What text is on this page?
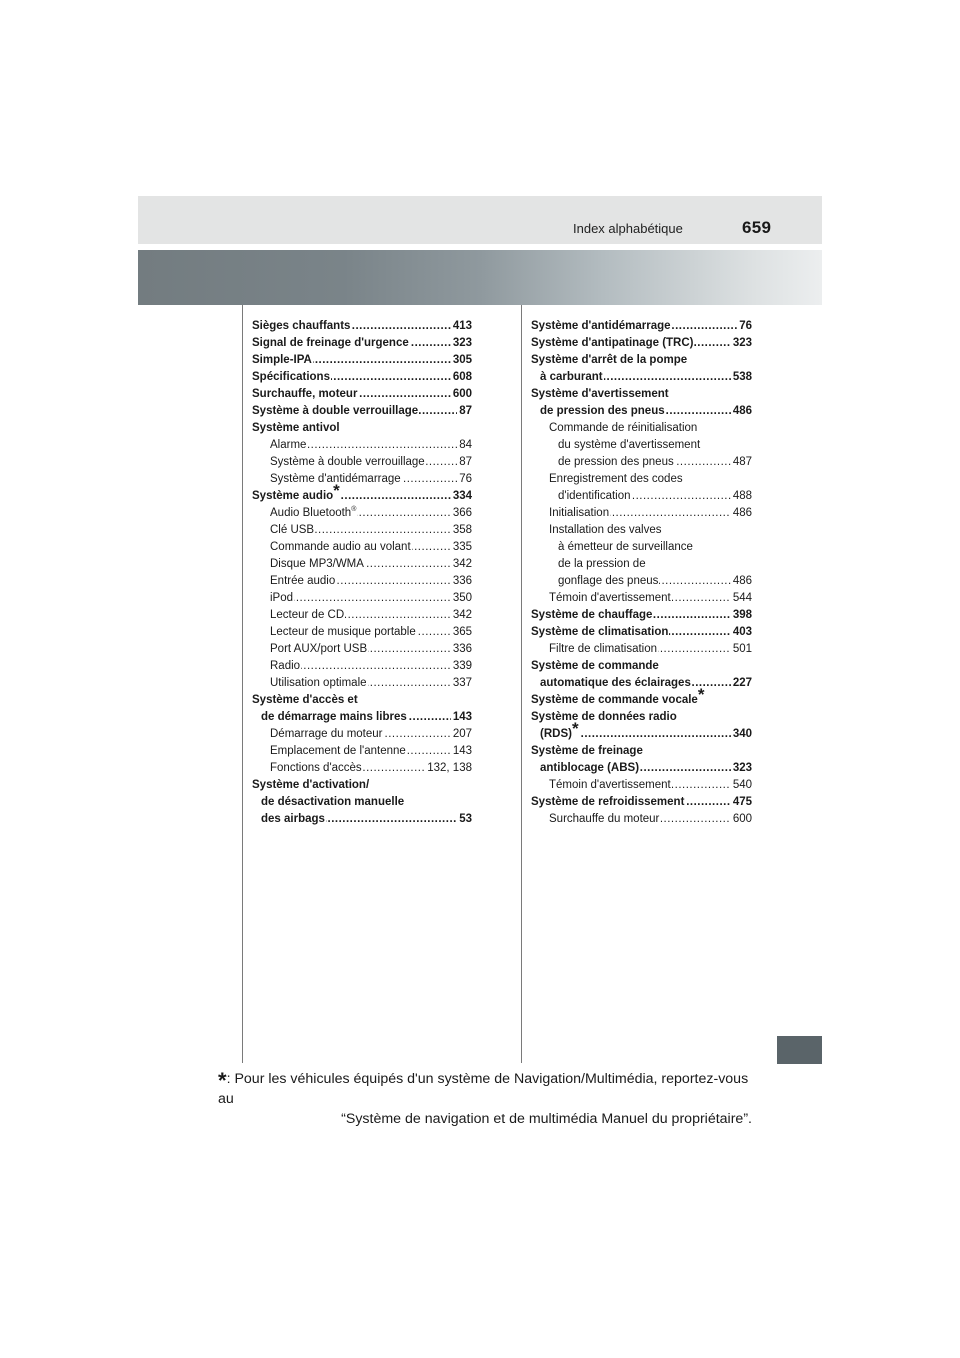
Index alphabétique	659
.....
Sièges chauffants	413
.....
Signal de freinage d'urgence	323
.....
Simple-IPA	305
.....
Spécifications	608
.....
Surchauffe, moteur	600
.....
Système à double verrouillage	87
Système antivol
.....
Alarme	84
.....
Système à double verrouillage	87
.....
Système d'antidémarrage	76
.....
Système audio*	334
.....
Audio Bluetooth®	366
.....
Clé USB	358
.....
Commande audio au volant	335
.....
Disque MP3/WMA	342
.....
Entrée audio	336
.....
iPod	350
.....
Lecteur de CD	342
.....
Lecteur de musique portable	365
.....
Port AUX/port USB	336
.....
Radio	339
.....
Utilisation optimale	337
Système d'accès et
.....
de démarrage mains libres	143
.....
Démarrage du moteur	207
.....
Emplacement de l'antenne	143
.....
Fonctions d'accès	132, 138
Système d'activation/
de désactivation manuelle
.....
des airbags	53
.....
Système d'antidémarrage	76
.....
Système d'antipatinage (TRC)	323
Système d'arrêt de la pompe
.....
à carburant	538
Système d'avertissement
.....
de pression des pneus	486
Commande de réinitialisation
du système d'avertissement
.....
de pression des pneus	487
Enregistrement des codes
.....
d'identification	488
.....
Initialisation	486
Installation des valves
à émetteur de surveillance
de la pression de
.....
gonflage des pneus	486
.....
Témoin d'avertissement	544
.....
Système de chauffage	398
.....
Système de climatisation	403
.....
Filtre de climatisation	501
Système de commande
.....
automatique des éclairages	227
Système de commande vocale*
Système de données radio
.....
(RDS)*	340
Système de freinage
.....
antiblocage (ABS)	323
.....
Témoin d'avertissement	540
.....
Système de refroidissement	475
.....
Surchauffe du moteur	600
*: Pour les véhicules équipés d'un système de Navigation/Multimédia, reportez-vous au
“Système de navigation et de multimédia Manuel du propriétaire”.
